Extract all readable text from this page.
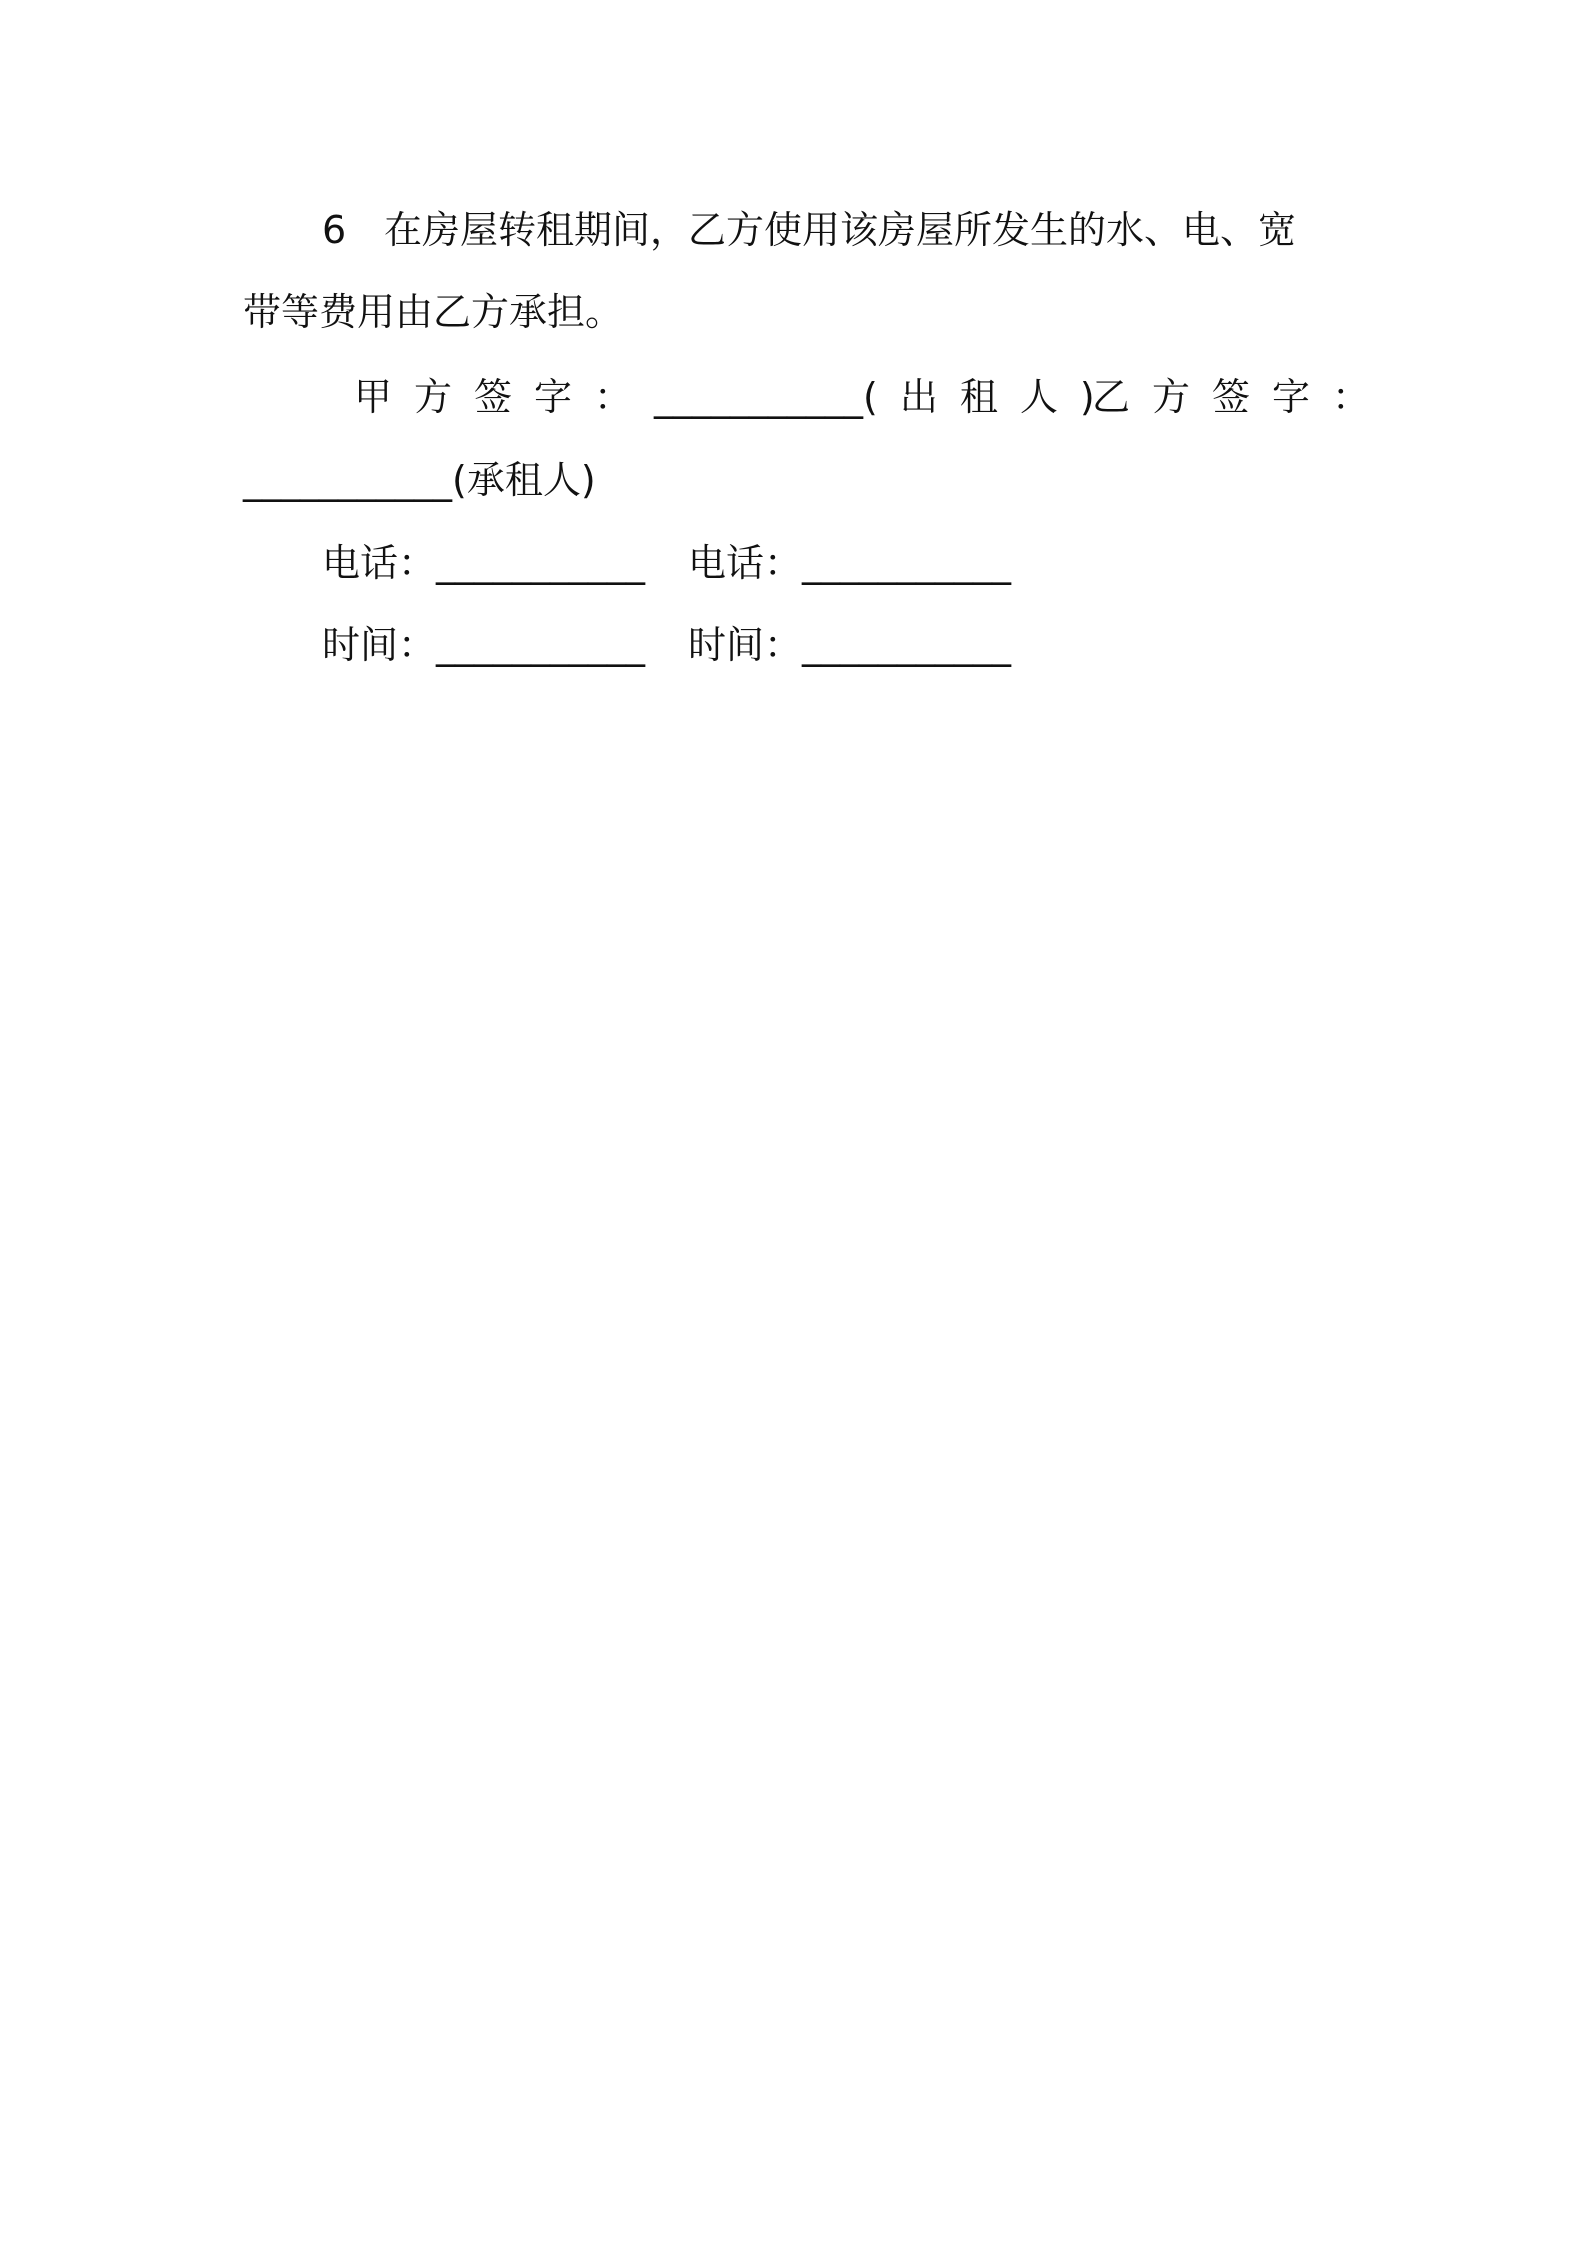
6 在房屋转租期间，乙方使用该房屋所发生的水、电、宽
带等费用由乙方承担。
甲方签字：___________(出租人)
乙方签字：
___________(承租人)
电话：___________ 电话：___________
时间：___________ 时间：___________
